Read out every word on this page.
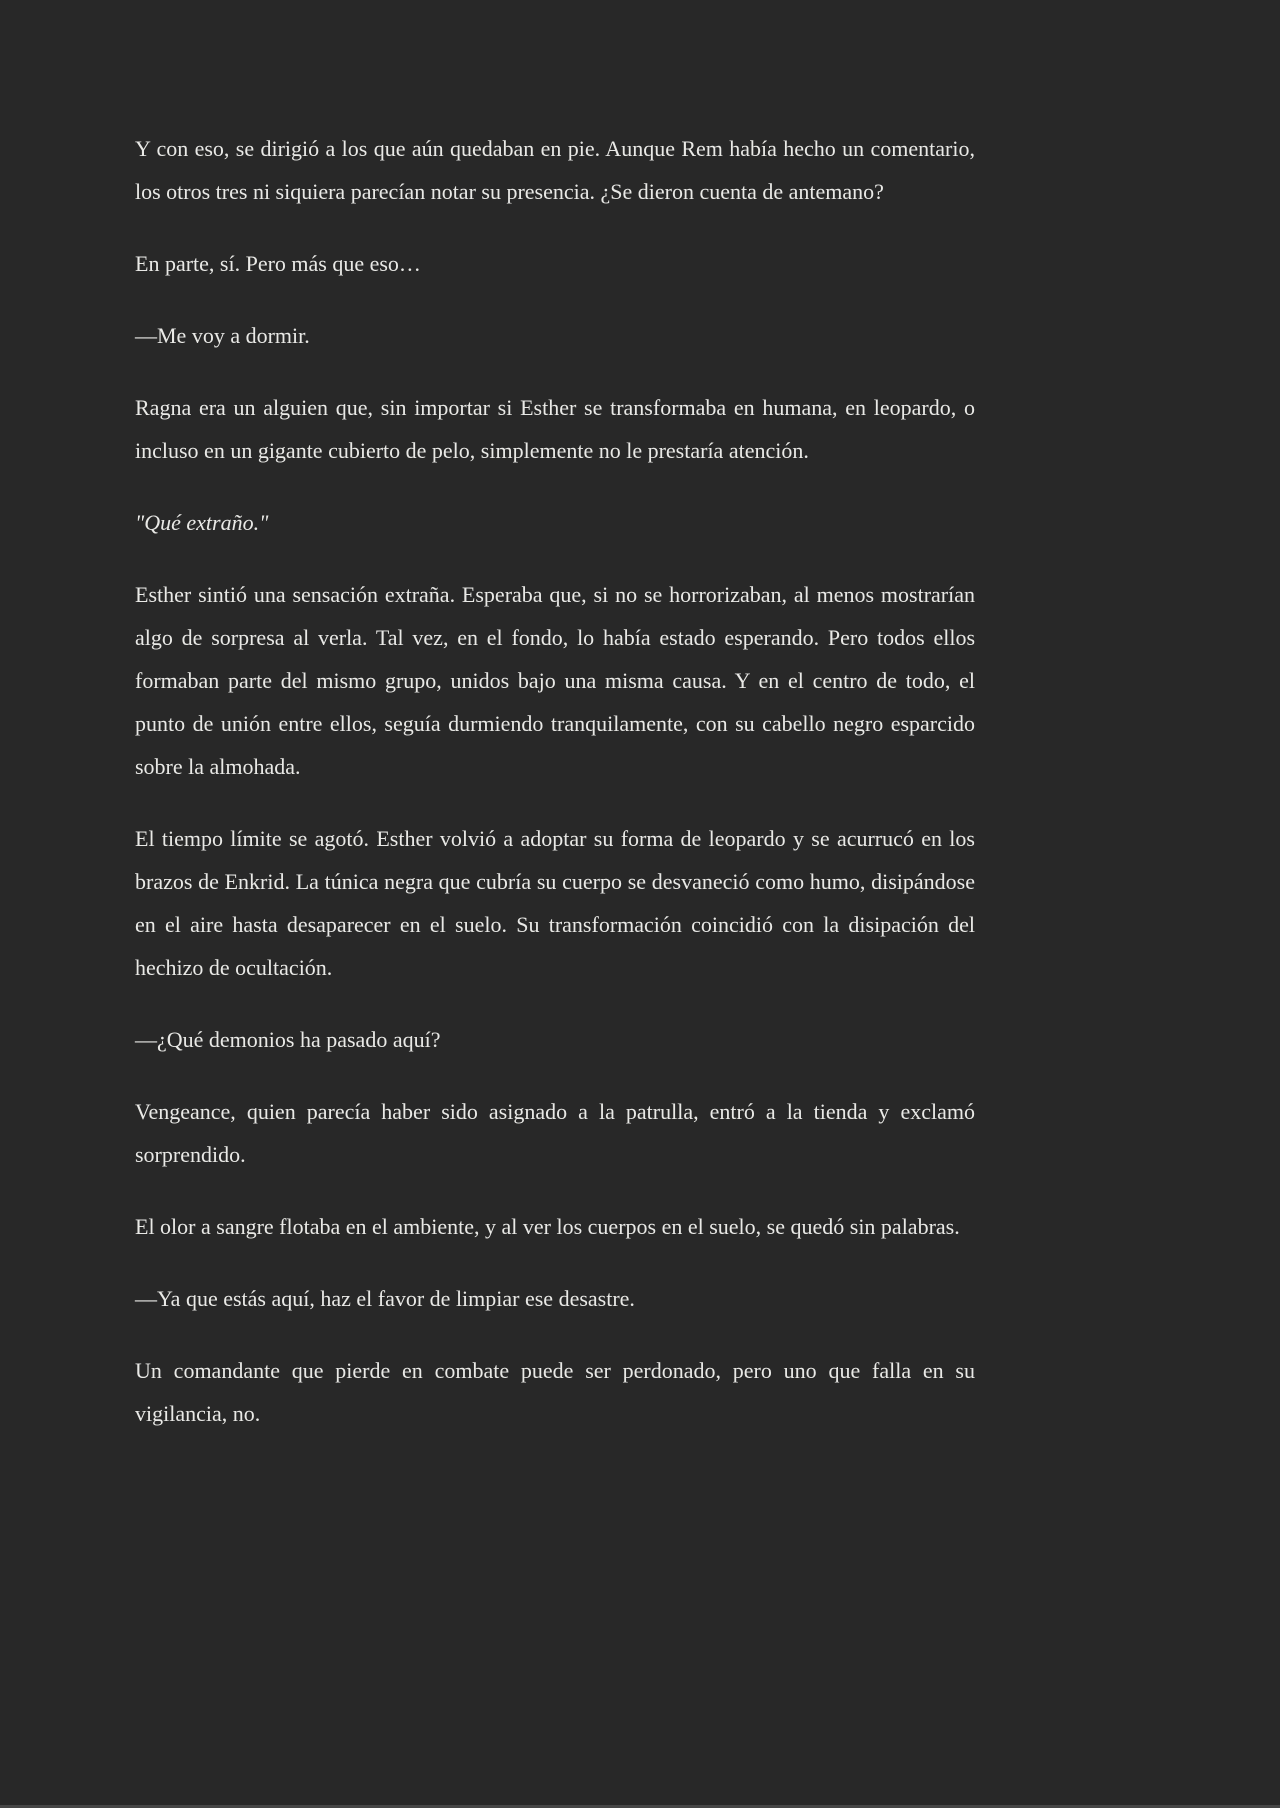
Y con eso, se dirigió a los que aún quedaban en pie. Aunque Rem había hecho un comentario, los otros tres ni siquiera parecían notar su presencia. ¿Se dieron cuenta de antemano?

En parte, sí. Pero más que eso…

—Me voy a dormir.

Ragna era un alguien que, sin importar si Esther se transformaba en humana, en leopardo, o incluso en un gigante cubierto de pelo, simplemente no le prestaría atención.

"Qué extraño."

Esther sintió una sensación extraña. Esperaba que, si no se horrorizaban, al menos mostrarían algo de sorpresa al verla. Tal vez, en el fondo, lo había estado esperando. Pero todos ellos formaban parte del mismo grupo, unidos bajo una misma causa. Y en el centro de todo, el punto de unión entre ellos, seguía durmiendo tranquilamente, con su cabello negro esparcido sobre la almohada.

El tiempo límite se agotó. Esther volvió a adoptar su forma de leopardo y se acurrucó en los brazos de Enkrid. La túnica negra que cubría su cuerpo se desvaneció como humo, disipándose en el aire hasta desaparecer en el suelo. Su transformación coincidió con la disipación del hechizo de ocultación.

—¿Qué demonios ha pasado aquí?

Vengeance, quien parecía haber sido asignado a la patrulla, entró a la tienda y exclamó sorprendido.

El olor a sangre flotaba en el ambiente, y al ver los cuerpos en el suelo, se quedó sin palabras.

—Ya que estás aquí, haz el favor de limpiar ese desastre.

Un comandante que pierde en combate puede ser perdonado, pero uno que falla en su vigilancia, no.
